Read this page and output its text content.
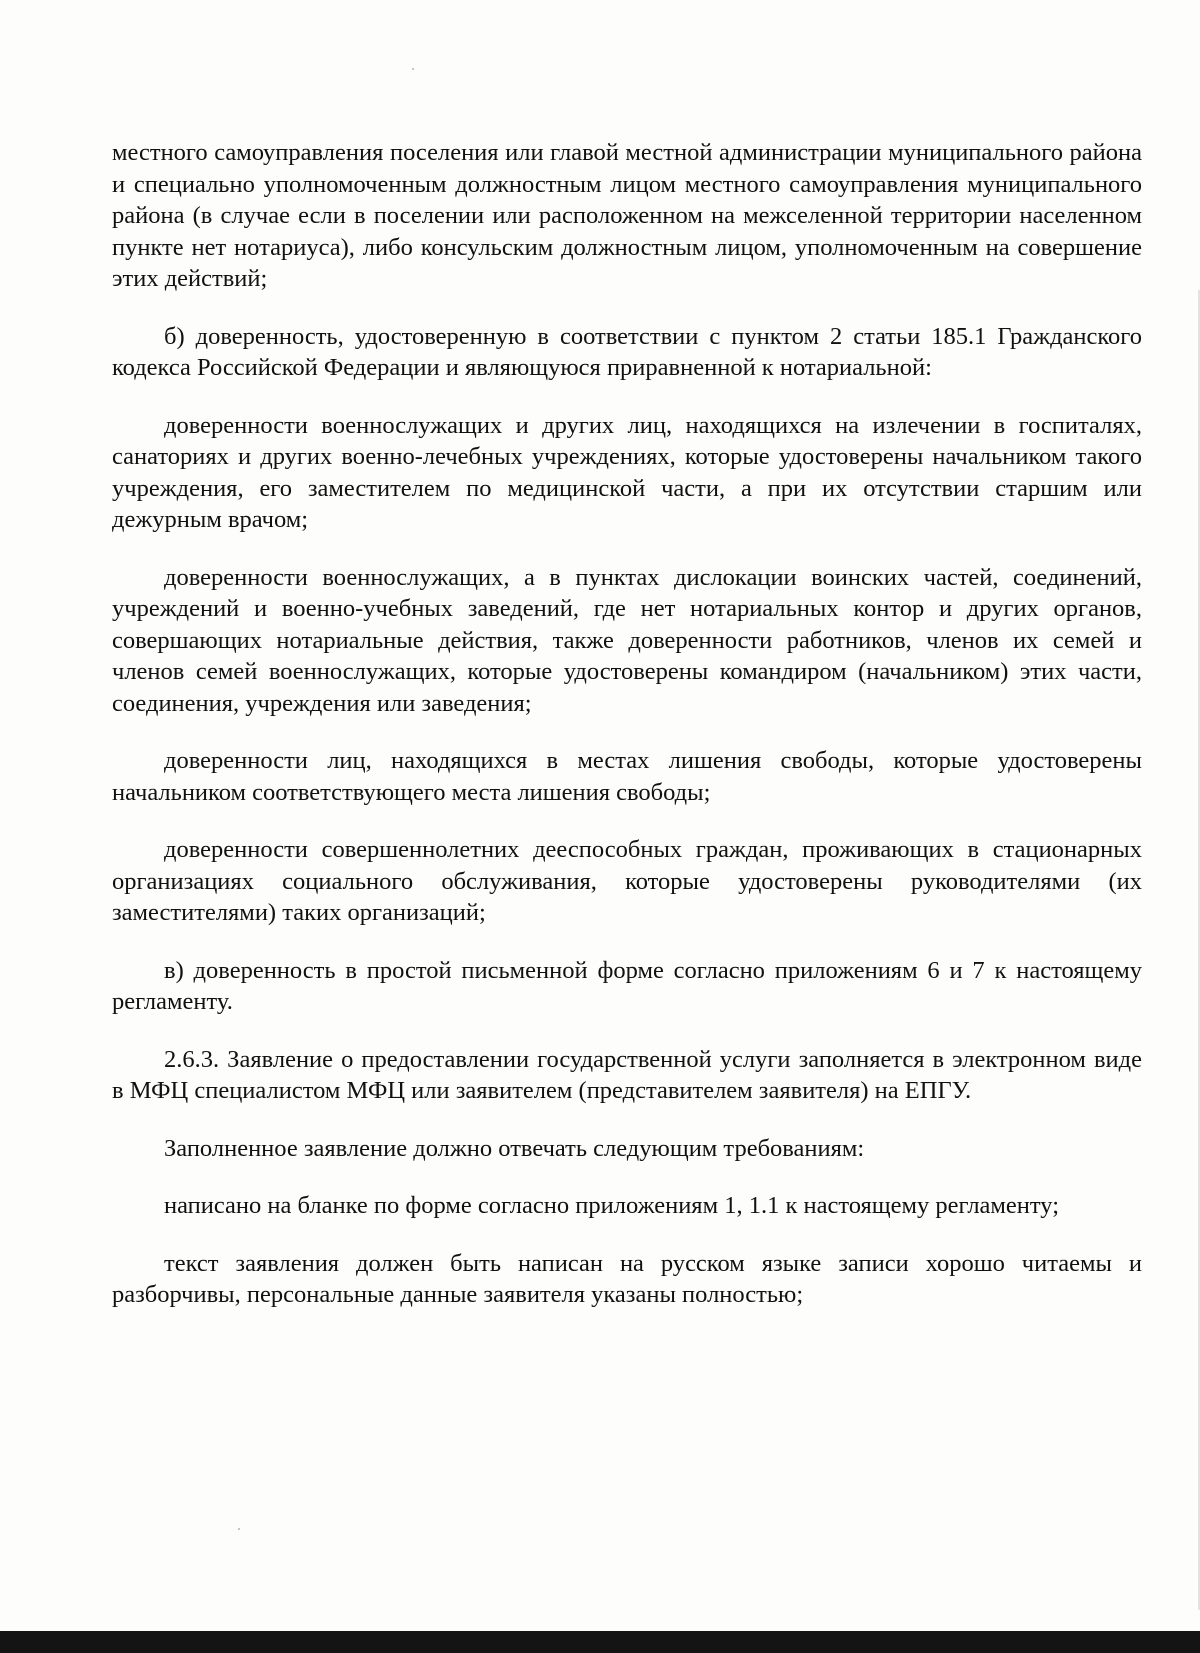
местного самоуправления поселения или главой местной администрации муниципального района и специально уполномоченным должностным лицом местного самоуправления муниципального района (в случае если в поселении или расположенном на межселенной территории населенном пункте нет нотариуса), либо консульским должностным лицом, уполномоченным на совершение этих действий;

б) доверенность, удостоверенную в соответствии с пунктом 2 статьи 185.1 Гражданского кодекса Российской Федерации и являющуюся приравненной к нотариальной:

доверенности военнослужащих и других лиц, находящихся на излечении в госпиталях, санаториях и других военно-лечебных учреждениях, которые удостоверены начальником такого учреждения, его заместителем по медицинской части, а при их отсутствии старшим или дежурным врачом;

доверенности военнослужащих, а в пунктах дислокации воинских частей, соединений, учреждений и военно-учебных заведений, где нет нотариальных контор и других органов, совершающих нотариальные действия, также доверенности работников, членов их семей и членов семей военнослужащих, которые удостоверены командиром (начальником) этих части, соединения, учреждения или заведения;

доверенности лиц, находящихся в местах лишения свободы, которые удостоверены начальником соответствующего места лишения свободы;

доверенности совершеннолетних дееспособных граждан, проживающих в стационарных организациях социального обслуживания, которые удостоверены руководителями (их заместителями) таких организаций;

в) доверенность в простой письменной форме согласно приложениям 6 и 7 к настоящему регламенту.

2.6.3. Заявление о предоставлении государственной услуги заполняется в электронном виде в МФЦ специалистом МФЦ или заявителем (представителем заявителя) на ЕПГУ.

Заполненное заявление должно отвечать следующим требованиям:

написано на бланке по форме согласно приложениям 1, 1.1 к настоящему регламенту;

текст заявления должен быть написан на русском языке записи хорошо читаемы и разборчивы, персональные данные заявителя указаны полностью;
